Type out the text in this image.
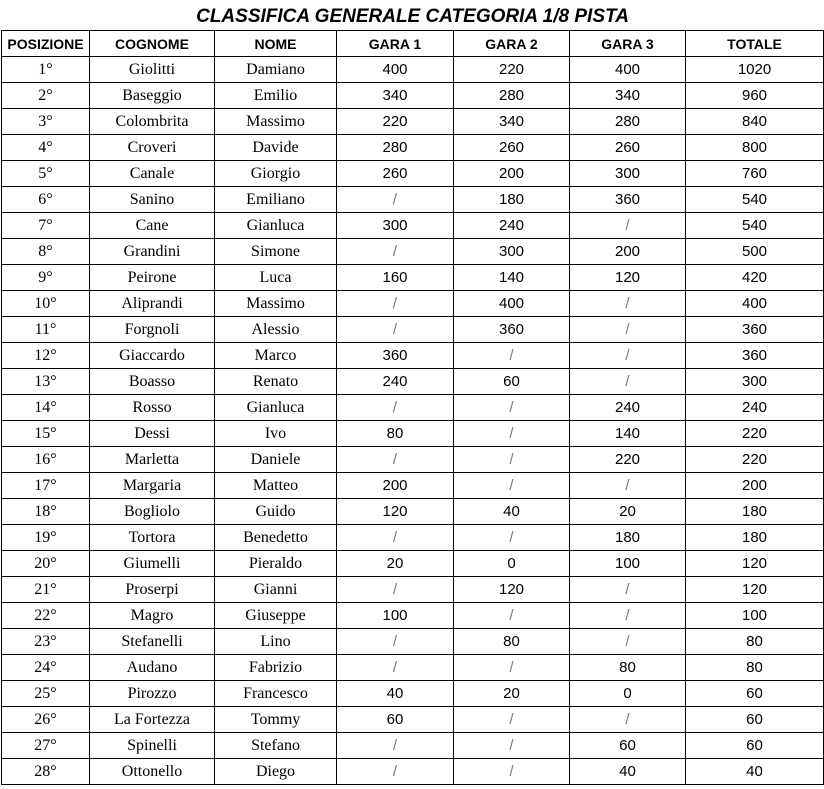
CLASSIFICA GENERALE CATEGORIA 1/8 PISTA						
POSIZIONE	COGNOME	NOME	GARA 1	GARA 2	GARA 3	TOTALE
1°	Giolitti	Damiano	400	220	400	1020
2°	Baseggio	Emilio	340	280	340	960
3°	Colombrita	Massimo	220	340	280	840
4°	Croveri	Davide	280	260	260	800
5°	Canale	Giorgio	260	200	300	760
6°	Sanino	Emiliano	/	180	360	540
7°	Cane	Gianluca	300	240	/	540
8°	Grandini	Simone	/	300	200	500
9°	Peirone	Luca	160	140	120	420
10°	Aliprandi	Massimo	/	400	/	400
11°	Forgnoli	Alessio	/	360	/	360
12°	Giaccardo	Marco	360	/	/	360
13°	Boasso	Renato	240	60	/	300
14°	Rosso	Gianluca	/	/	240	240
15°	Dessi	Ivo	80	/	140	220
16°	Marletta	Daniele	/	/	220	220
17°	Margaria	Matteo	200	/	/	200
18°	Bogliolo	Guido	120	40	20	180
19°	Tortora	Benedetto	/	/	180	180
20°	Giumelli	Pieraldo	20	0	100	120
21°	Proserpi	Gianni	/	120	/	120
22°	Magro	Giuseppe	100	/	/	100
23°	Stefanelli	Lino	/	80	/	80
24°	Audano	Fabrizio	/	/	80	80
25°	Pirozzo	Francesco	40	20	0	60
26°	La Fortezza	Tommy	60	/	/	60
27°	Spinelli	Stefano	/	/	60	60
28°	Ottonello	Diego	/	/	40	40
